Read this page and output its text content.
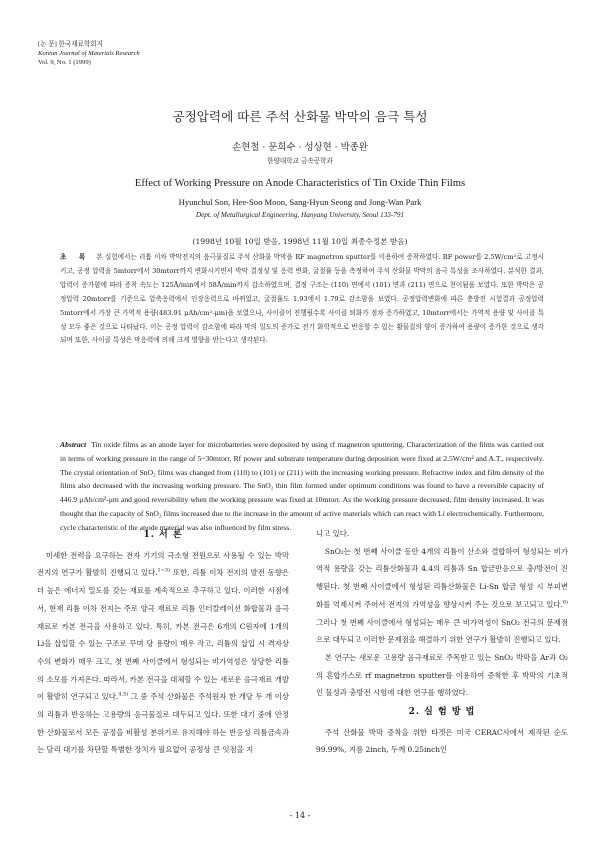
[논 문] 한국재료학회지
Korean Journal of Materials Research
Vol. 9, No. 1 (1999)
공정압력에 따른 주석 산화물 박막의 음극 특성
손현철 · 문희수 · 성상현 · 박종완
한양대학교 금속공학과
Effect of Working Pressure on Anode Characteristics of Tin Oxide Thin Films
Hyunchul Son, Hee-Soo Moon, Sang-Hyun Seong and Jong-Wan Park
Dept. of Metallurgical Engineering, Hanyang University, Seoul 133-791
(1998년 10월 10일 받음, 1998년 11월 10일 최종수정본 받음)

초 록 본 실험에서는 리튬 이차 박막전지의 음극물질로 주석 산화물 박막을 RF magnetron sputter를 이용하여 증착하였다. RF power를 2.5W/cm²로 고정시키고, 공정 압력을 5mtorr에서 30mtorr까지 변화시키면서 박막 결정성 및 응력 변화, 굴절률 등을 측정하여 주석 산화물 박막의 음극 특성을 조사하였다. 분석한 결과, 압력이 증가함에 따라 증착 속도는 125Å/min에서 58Å/min까지 감소하였으며, 결정 구조는 (110) 면에서 (101) 면과 (211) 면으로 천이됨을 보였다. 또한 박막은 공정압력 20mtorr를 기준으로 압축응력에서 인장응력으로 바뀌었고, 굴절률도 1.93에서 1.79로 감소함을 보였다. 공정압력변화에 따른 충방전 시험결과 공정압력 5mtorr에서 가장 큰 가역적 용량(483.91 μAh/cm²-μm)을 보였으나, 사이클이 진행될수록 사이클 퇴화가 점차 증가하였고, 10mtorr에서는 가역적 용량 및 사이클 특성 모두 좋은 것으로 나타났다. 이는 공정 압력이 감소함에 따라 막의 밀도의 증가로 전기 화학적으로 반응할 수 있는 활물질의 양이 증가하여 용량이 증가한 것으로 생각되며 또한, 사이클 특성은 막응력에 의해 크게 영향을 받는다고 생각된다.

Abstract Tin oxide films as an anode layer for microbatteries were deposited by using rf magnetron sputtering. Characterization of the films was carried out in terms of working pressure in the range of 5~30mtorr. Rf power and substrate temperature during deposition were fixed at 2.5W/cm² and A.T., respectively. The crystal orientation of SnO₂ films was changed from (110) to (101) or (211) with the increasing working pressure. Refractive index and film density of the films also decreased with the increasing working pressure. The SnO₂ thin film formed under optimum conditions was found to have a reversible capacity of 446.9 μAh/cm²-μm and good reversibility when the working pressure was fixed at 10mtorr. As the working pressure decreased, film density increased. It was thought that the capacity of SnO₂ films increased due to the increase in the amount of active materials which can react with Li electrochemically. Furthermore, cycle characteristic of the anode material was also influenced by film stress.

1. 서 론

미세한 전력을 요구하는 전자 기기의 극소형 전원으로 사용될 수 있는 박막전지의 연구가 활발히 진행되고 있다.$^{1\sim 3)}$ 또한, 리튬 이차 전지의 발전 동향은 더 높은 에너지 밀도를 갖는 재료를 계속적으로 추구하고 있다. 이러한 시점에서, 현재 리튬 이차 전지는 주로 양극 재료로 리튬 인터칼레이션 화합물과 음극재료로 카본 전극을 사용하고 있다. 특히, 카본 전극은 6개의 C원자에 1개의 Li을 삽입할 수 있는 구조로 꾸며 당 용량이 매우 작고, 리튬의 삽입 시 격자상수의 변화가 매우 크고, 첫 번째 사이클에서 형성되는 비가역성은 상당한 리튬의 소모를 가져온다. 따라서, 카본 전극을 대체할 수 있는 새로운 음극재료 개발이 활발히 연구되고 있다.$^{4,5)}$ 그 중 주석 산화물은 주석원자 한 개당 두 개 이상의 리튬과 반응하는 고용량의 음극물질로 대두되고 있다. 또한 대기 중에 안정한 산화물로서 모든 공정을 비활성 분위기로 유지해야 하는 반응성 리튬금속과는 달리 대기를 차단할 특별한 장치가 필요없어 공정상 큰 잇점을 지

니고 있다.

SnO₂는 첫 번째 사이클 동안 4개의 리튬이 산소와 결합하여 형성되는 비가역적 용량을 갖는 리튬산화물과 4.4의 리튬과 Sn 합금반응으로 충/방전이 진행된다. 첫 번째 사이클에서 형성된 리튬산화물은 Li-Sn 합금 형성 시 부피변화를 억제시켜 주어서 전지의 가역성을 향상시켜 주는 것으로 보고되고 있다.$^{6)}$ 그러나 첫 번째 사이클에서 형성되는 매우 큰 비가역성이 SnO₂ 전극의 문제점으로 대두되고 이러한 문제점을 해결하기 위한 연구가 활발히 진행되고 있다.

본 연구는 새로운 고용량 음극재료로 주목받고 있는 SnO₂ 박막을 Ar과 O₂의 혼합가스로 rf magnetron sputter를 이용하여 증착한 후 박막의 기초적인 물성과 충방전 시험에 대한 연구를 행하였다.

2. 실 험 방 법

주석 산화물 박막 증착을 위한 타겟은 미국 CERAC사에서 제작된 순도 99.99%, 지름 2inch, 두께 0.25inch인

- 14 -
